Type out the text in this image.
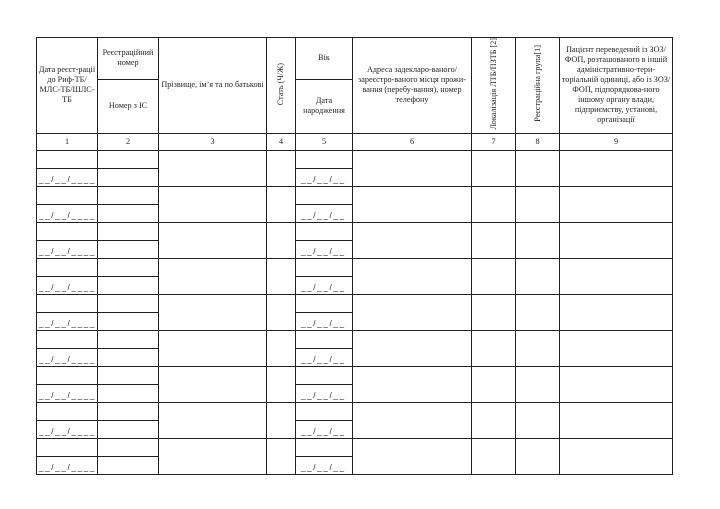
Дата реєст-рації до Риф-ТБ/МЛС-ТБ/ШЛС-ТБ	Реєстраційний номер	Прізвище, ім’я та по батькові	Стать (Ч/Ж)	Вік	Адреса задеклaро-ваного/зареєстро-ваного місця прожи-вання (перебу-вання), номер телефону	Локалізація ЛТБ/ПЗТБ [2]	Реєстраційна група[1]	Пацієнт переведений із ЗОЗ/ФОП, розташованого в іншій адміністративно-тери-торіальній одиниці, або із ЗОЗ/ФОП, підпорядкова-ного іншому органу влади, підприємству, установі, організації
	Номер з ІС			Дата народження				
1	2	3	4	5	6	7	8	9

__/__/____				__/__/__				

__/__/____				__/__/__				

__/__/____				__/__/__				

__/__/____				__/__/__				

__/__/____				__/__/__				

__/__/____				__/__/__				

__/__/____				__/__/__				

__/__/____				__/__/__				

__/__/____				__/__/__				
